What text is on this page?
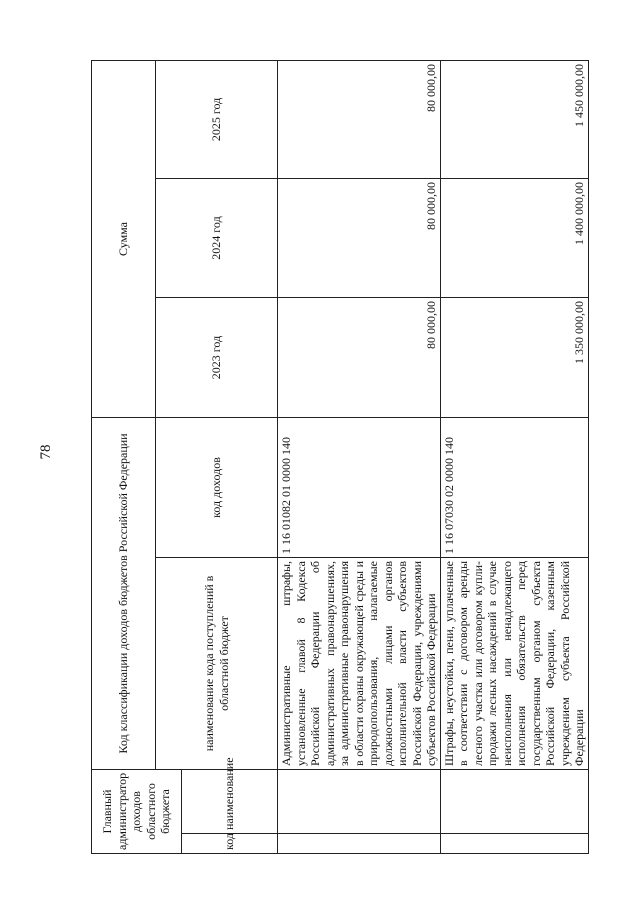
78
Главный администратор доходов областного бюджета		Код классификации доходов бюджетов Российской Федерации		Сумма		
		наименование кода поступлений в областной бюджет	код доходов	2023 год	2024 год	2025 год
код	наименование					
		Административные штрафы, установленные главой 8 Кодекса Российской Федерации об административных правонарушениях, за административные правонарушения в области охраны окружающей среды и природопользования, налагаемые должностными лицами органов исполнительной власти субъектов Российской Федерации, учреждениями субъектов Российской Федерации	1 16 01082 01 0000 140	80 000,00	80 000,00	80 000,00
		Штрафы, неустойки, пени, уплаченные в соответствии с договором аренды лесного участка или договором купли-продажи лесных насаждений в случае неисполнения или ненадлежащего исполнения обязательств перед государственным органом субъекта Российской Федерации, казенным учреждением субъекта Российской Федерации	1 16 07030 02 0000 140	1 350 000,00	1 400 000,00	1 450 000,00
